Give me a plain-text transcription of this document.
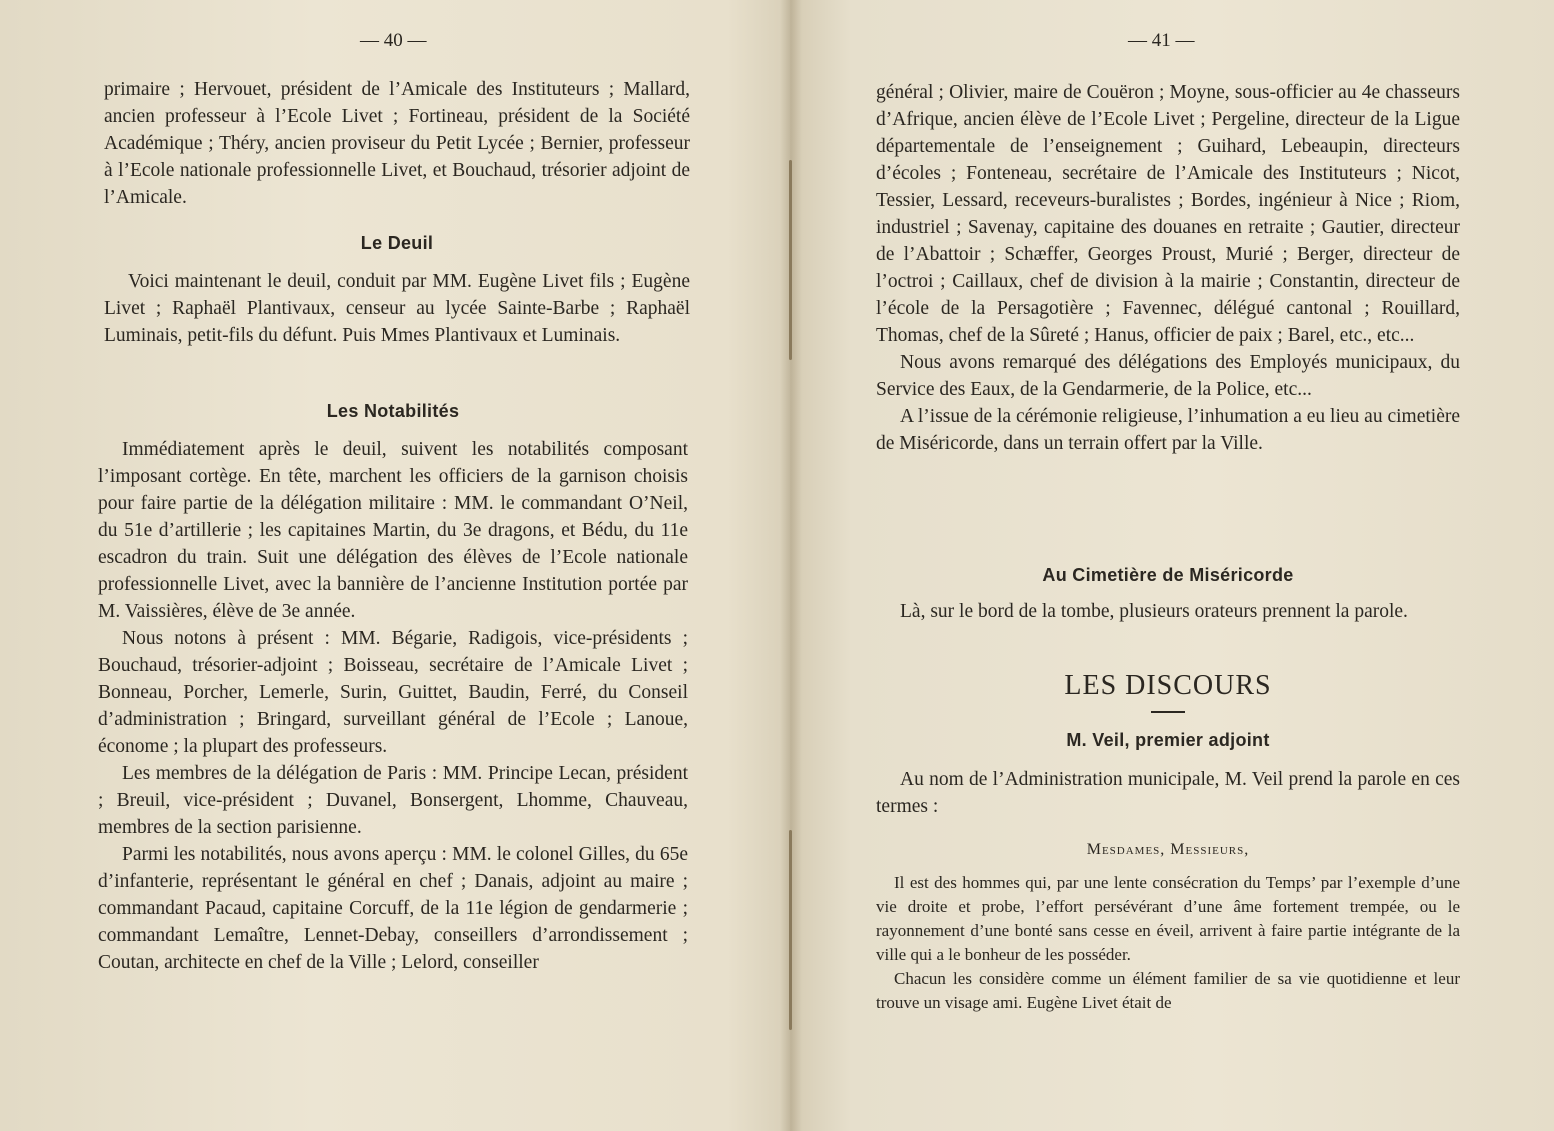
— 40 —

primaire ; Hervouet, président de l’Amicale des Instituteurs ; Mallard, ancien professeur à l’Ecole Livet ; Fortineau, président de la Société Académique ; Théry, ancien proviseur du Petit Lycée ; Bernier, professeur à l’Ecole nationale professionnelle Livet, et Bouchaud, trésorier adjoint de l’Amicale.

Le Deuil

Voici maintenant le deuil, conduit par MM. Eugène Livet fils ; Eugène Livet ; Raphaël Plantivaux, censeur au lycée Sainte-Barbe ; Raphaël Luminais, petit-fils du défunt. Puis Mmes Plantivaux et Luminais.

Les Notabilités

Immédiatement après le deuil, suivent les notabilités composant l’imposant cortège. En tête, marchent les officiers de la garnison choisis pour faire partie de la délégation militaire : MM. le commandant O’Neil, du 51e d’artillerie ; les capitaines Martin, du 3e dragons, et Bédu, du 11e escadron du train. Suit une délégation des élèves de l’Ecole nationale professionnelle Livet, avec la bannière de l’ancienne Institution portée par M. Vaissières, élève de 3e année.

Nous notons à présent : MM. Bégarie, Radigois, vice-présidents ; Bouchaud, trésorier-adjoint ; Boisseau, secrétaire de l’Amicale Livet ; Bonneau, Porcher, Lemerle, Surin, Guittet, Baudin, Ferré, du Conseil d’administration ; Bringard, surveillant général de l’Ecole ; Lanoue, économe ; la plupart des professeurs.

Les membres de la délégation de Paris : MM. Principe Lecan, président ; Breuil, vice-président ; Duvanel, Bonsergent, Lhomme, Chauveau, membres de la section parisienne.

Parmi les notabilités, nous avons aperçu : MM. le colonel Gilles, du 65e d’infanterie, représentant le général en chef ; Danais, adjoint au maire ; commandant Pacaud, capitaine Corcuff, de la 11e légion de gendarmerie ; commandant Lemaître, Lennet-Debay, conseillers d’arrondissement ; Coutan, architecte en chef de la Ville ; Lelord, conseiller

— 41 —

général ; Olivier, maire de Couëron ; Moyne, sous-officier au 4e chasseurs d’Afrique, ancien élève de l’Ecole Livet ; Pergeline, directeur de la Ligue départementale de l’enseignement ; Guihard, Lebeaupin, directeurs d’écoles ; Fonteneau, secrétaire de l’Amicale des Instituteurs ; Nicot, Tessier, Lessard, receveurs-buralistes ; Bordes, ingénieur à Nice ; Riom, industriel ; Savenay, capitaine des douanes en retraite ; Gautier, directeur de l’Abattoir ; Schæffer, Georges Proust, Murié ; Berger, directeur de l’octroi ; Caillaux, chef de division à la mairie ; Constantin, directeur de l’école de la Persagotière ; Favennec, délégué cantonal ; Rouillard, Thomas, chef de la Sûreté ; Hanus, officier de paix ; Barel, etc., etc...

Nous avons remarqué des délégations des Employés municipaux, du Service des Eaux, de la Gendarmerie, de la Police, etc...

A l’issue de la cérémonie religieuse, l’inhumation a eu lieu au cimetière de Miséricorde, dans un terrain offert par la Ville.

Au Cimetière de Miséricorde

Là, sur le bord de la tombe, plusieurs orateurs prennent la parole.

LES DISCOURS
M. Veil, premier adjoint

Au nom de l’Administration municipale, M. Veil prend la parole en ces termes :

Mesdames, Messieurs,

Il est des hommes qui, par une lente consécration du Temps’ par l’exemple d’une vie droite et probe, l’effort persévérant d’une âme fortement trempée, ou le rayonnement d’une bonté sans cesse en éveil, arrivent à faire partie intégrante de la ville qui a le bonheur de les posséder.

Chacun les considère comme un élément familier de sa vie quotidienne et leur trouve un visage ami. Eugène Livet était de
